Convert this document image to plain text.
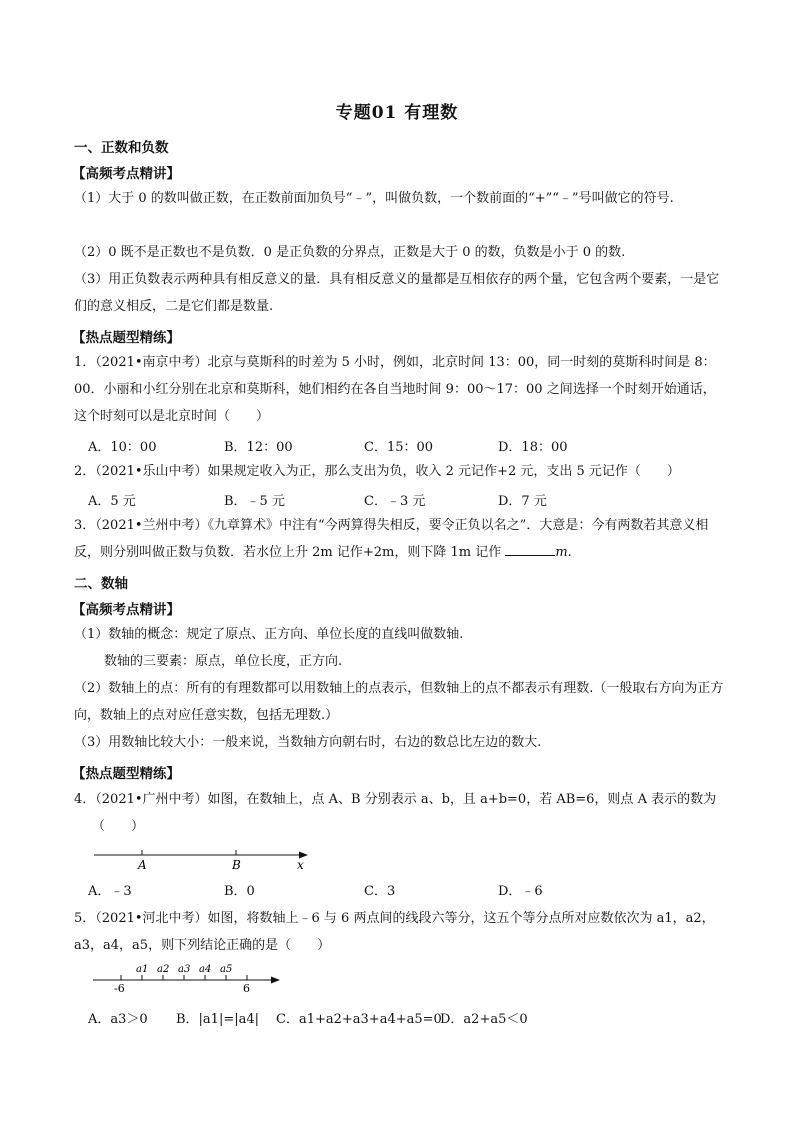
专题01 有理数
一、正数和负数
【高频考点精讲】
（1）大于 0 的数叫做正数，在正数前面加负号“﹣”，叫做负数，一个数前面的“+”“﹣”号叫做它的符号.
（2）0 既不是正数也不是负数．0 是正负数的分界点，正数是大于 0 的数，负数是小于 0 的数.
（3）用正负数表示两种具有相反意义的量．具有相反意义的量都是互相依存的两个量，它包含两个要素，一是它们的意义相反，二是它们都是数量.
【热点题型精练】
1．（2021•南京中考）北京与莫斯科的时差为 5 小时，例如，北京时间 13：00，同一时刻的莫斯科时间是 8：00．小丽和小红分别在北京和莫斯科，她们相约在各自当地时间 9：00～17：00 之间选择一个时刻开始通话，这个时刻可以是北京时间（　　）
A．10：00	B．12：00	C．15：00	D．18：00
2．（2021•乐山中考）如果规定收入为正，那么支出为负，收入 2 元记作+2 元，支出 5 元记作（　　）
A．5 元	B．﹣5 元	C．﹣3 元	D．7 元
3．（2021•兰州中考）《九章算术》中注有“今两算得失相反，要令正负以名之”．大意是：今有两数若其意义相反，则分别叫做正数与负数．若水位上升 2m 记作+2m，则下降 1m 记作	m.
二、数轴
【高频考点精讲】
（1）数轴的概念：规定了原点、正方向、单位长度的直线叫做数轴.
数轴的三要素：原点，单位长度，正方向.
（2）数轴上的点：所有的有理数都可以用数轴上的点表示，但数轴上的点不都表示有理数.（一般取右方向为正方向，数轴上的点对应任意实数，包括无理数.）
（3）用数轴比较大小：一般来说，当数轴方向朝右时，右边的数总比左边的数大.
【热点题型精练】
4．（2021•广州中考）如图，在数轴上，点 A、B 分别表示 a、b，且 a+b=0，若 AB=6，则点 A 表示的数为
（　　）
A	B	x
A．﹣3	B．0	C．3	D．﹣6
5．（2021•河北中考）如图，将数轴上﹣6 与 6 两点间的线段六等分，这五个等分点所对应数依次为 a1，a2，a3，a4，a5，则下列结论正确的是（　　）
a1 a2 a3 a4 a5
-6	6
A．a3＞0 B．|a1|=|a4| C．a1+a2+a3+a4+a5=0
D．a2+a5＜0
